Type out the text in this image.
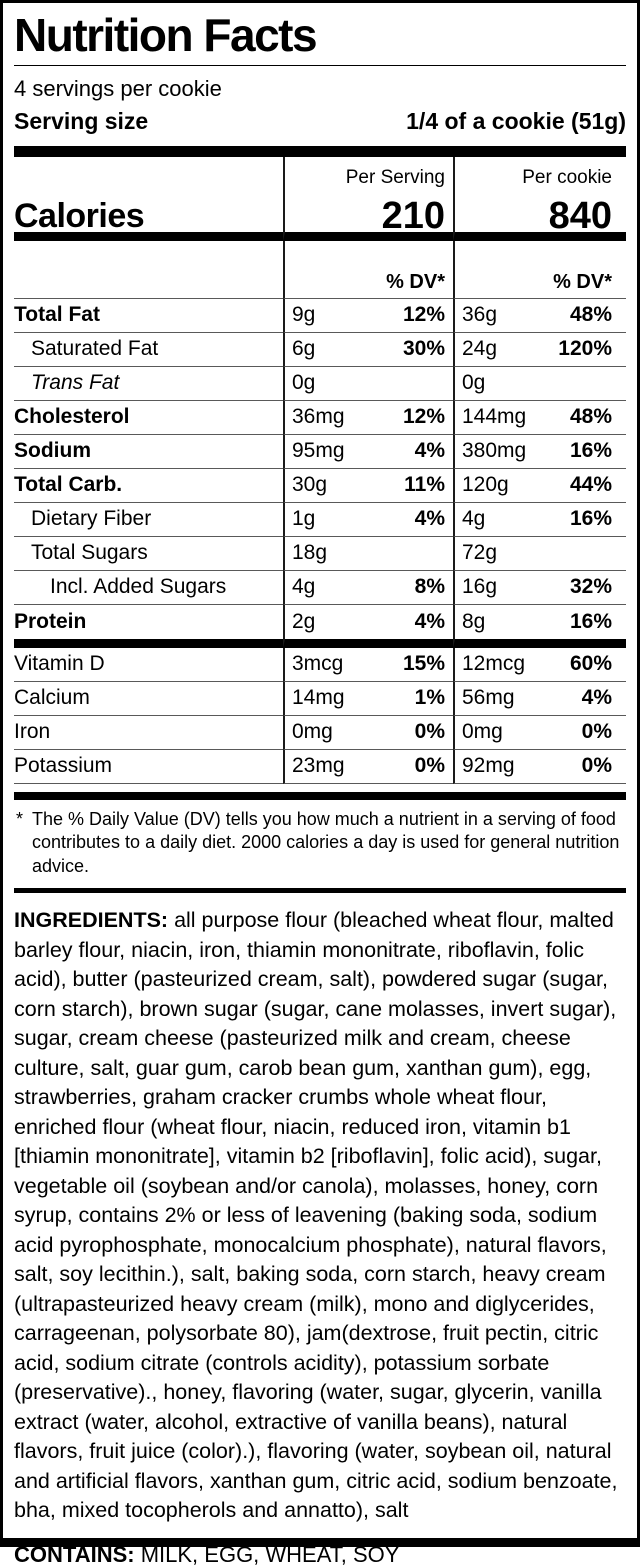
Nutrition Facts
4 servings per cookie
Serving size	1/4 of a cookie (51g)
Per Serving	Per cookie
Calories	210	840
% DV*	% DV*
Total Fat	9g	12% 36g	48%
Saturated Fat	6g	30% 24g	120%
Trans Fat	0g	0g
Cholesterol	36mg	12% 144mg 48%
Sodium	95mg	4% 380mg 16%
Total Carb.	30g	11% 120g	44%
Dietary Fiber	1g	4% 4g	16%
Total Sugars	18g	72g
Incl. Added Sugars	4g	8% 16g	32%
Protein	2g	4% 8g	16%
Vitamin D	3mcg	15% 12mcg 60%
Calcium	14mg	1% 56mg	4%
Iron	0mg	0% 0mg	0%
Potassium	23mg	0% 92mg	0%
* The % Daily Value (DV) tells you how much a nutrient in a serving of food contributes to a daily diet. 2000 calories a day is used for general nutrition advice.

INGREDIENTS: all purpose flour (bleached wheat flour, malted barley flour, niacin, iron, thiamin mononitrate, riboflavin, folic acid), butter (pasteurized cream, salt), powdered sugar (sugar, corn starch), brown sugar (sugar, cane molasses, invert sugar), sugar, cream cheese (pasteurized milk and cream, cheese culture, salt, guar gum, carob bean gum, xanthan gum), egg, strawberries, graham cracker crumbs whole wheat flour, enriched flour (wheat flour, niacin, reduced iron, vitamin b1 [thiamin mononitrate], vitamin b2 [riboflavin], folic acid), sugar, vegetable oil (soybean and/or canola), molasses, honey, corn syrup, contains 2% or less of leavening (baking soda, sodium acid pyrophosphate, monocalcium phosphate), natural flavors, salt, soy lecithin.), salt, baking soda, corn starch, heavy cream (ultrapasteurized heavy cream (milk), mono and diglycerides, carrageenan, polysorbate 80), jam(dextrose, fruit pectin, citric acid, sodium citrate (controls acidity), potassium sorbate (preservative)., honey, flavoring (water, sugar, glycerin, vanilla extract (water, alcohol, extractive of vanilla beans), natural flavors, fruit juice (color).), flavoring (water, soybean oil, natural and artificial flavors, xanthan gum, citric acid, sodium benzoate, bha, mixed tocopherols and annatto), salt

CONTAINS: MILK, EGG, WHEAT, SOY
